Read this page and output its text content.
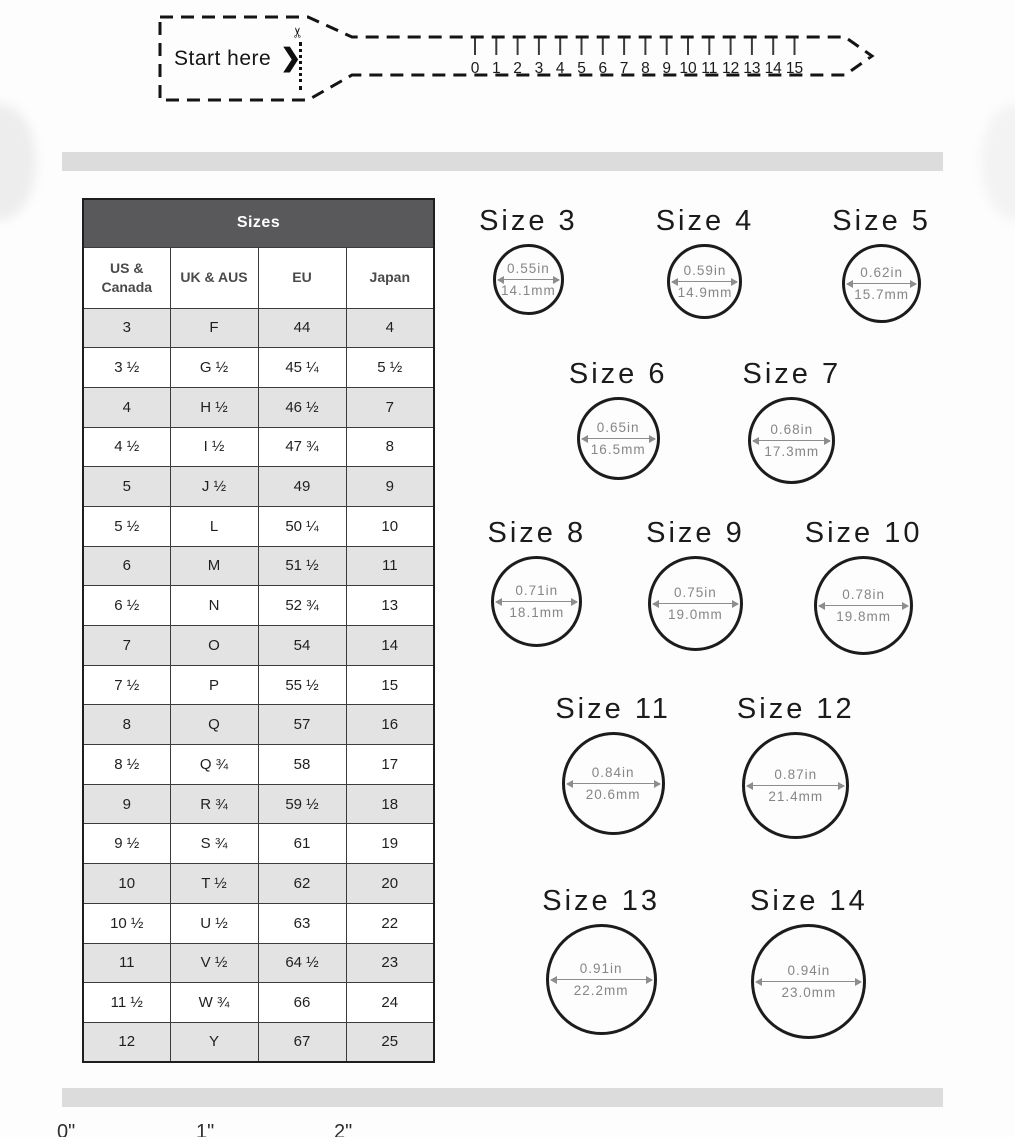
0 1 2 3 4 5 6 7 8 9 10 11 12 13 14 15
Start here ❯
✂
Sizes			
US & Canada	UK & AUS	EU	Japan
3	F	44	4
3 ½	G ½	45 ¼	5 ½
4	H ½	46 ½	7
4 ½	I ½	47 ¾	8
5	J ½	49	9
5 ½	L	50 ¼	10
6	M	51 ½	11
6 ½	N	52 ¾	13
7	O	54	14
7 ½	P	55 ½	15
8	Q	57	16
8 ½	Q ¾	58	17
9	R ¾	59 ½	18
9 ½	S ¾	61	19
10	T ½	62	20
10 ½	U ½	63	22
11	V ½	64 ½	23
11 ½	W ¾	66	24
12	Y	67	25
Size 3
0.55in
14.1mm
Size 4
0.59in
14.9mm
Size 5
0.62in
15.7mm
Size 6
0.65in
16.5mm
Size 7
0.68in
17.3mm
Size 8
0.71in
18.1mm
Size 9
0.75in
19.0mm
Size 10
0.78in
19.8mm
Size 11
0.84in
20.6mm
Size 12
0.87in
21.4mm
Size 13
0.91in
22.2mm
Size 14
0.94in
23.0mm
0"	1"	2"
